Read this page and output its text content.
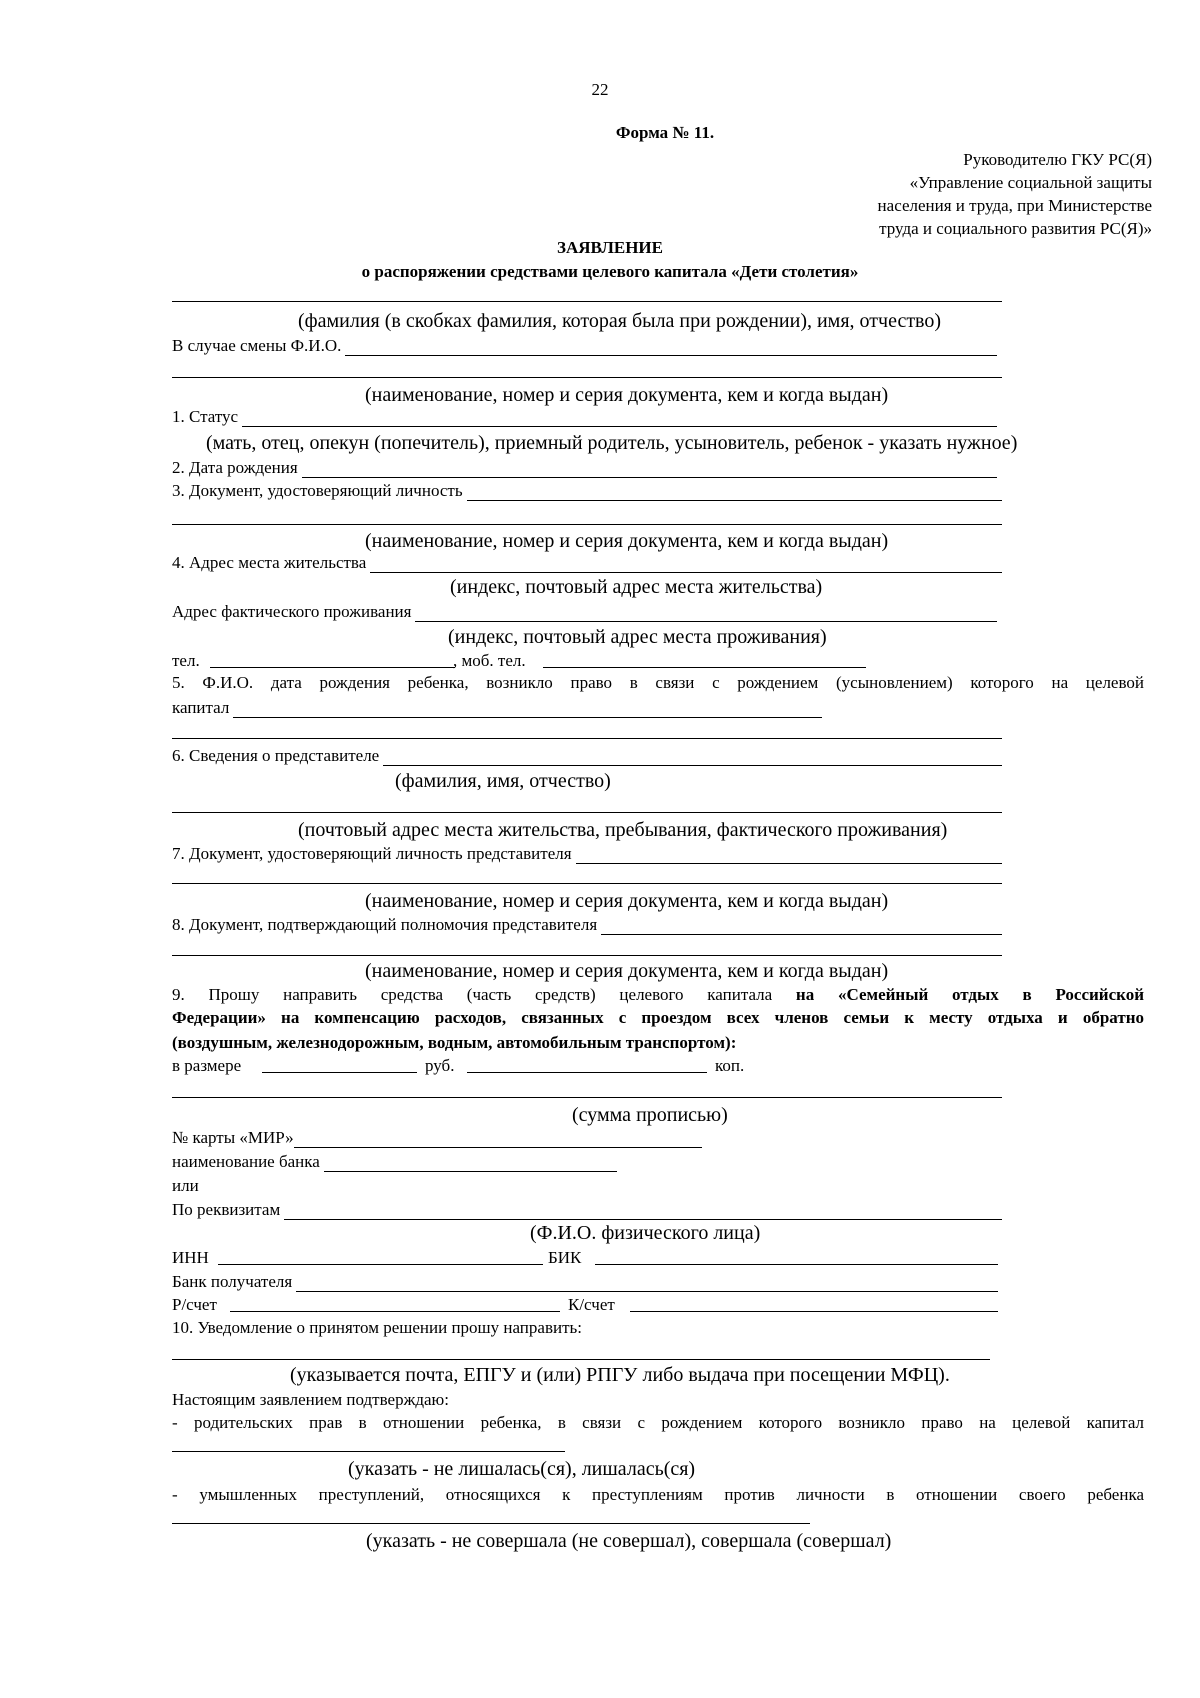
22
Форма № 11.
Руководителю ГКУ РС(Я)
«Управление социальной защиты
населения и труда, при Министерстве
труда и социального развития РС(Я)»
ЗАЯВЛЕНИЕ
о распоряжении средствами целевого капитала «Дети столетия»
(фамилия (в скобках фамилия, которая была при рождении), имя, отчество)
В случае смены Ф.И.О.
(наименование, номер и серия документа, кем и когда выдан)
1. Статус
(мать, отец, опекун (попечитель), приемный родитель, усыновитель, ребенок - указать нужное)
2. Дата рождения
3. Документ, удостоверяющий личность
(наименование, номер и серия документа, кем и когда выдан)
4. Адрес места жительства
(индекс, почтовый адрес места жительства)
Адрес фактического проживания
(индекс, почтовый адрес места проживания)
тел.	, моб. тел.
5. Ф.И.О. дата рождения ребенка, возникло право в связи с рождением (усыновлением) которого на целевой
капитал
6. Сведения о представителе
(фамилия, имя, отчество)
(почтовый адрес места жительства, пребывания, фактического проживания)
7. Документ, удостоверяющий личность представителя
(наименование, номер и серия документа, кем и когда выдан)
8. Документ, подтверждающий полномочия представителя
(наименование, номер и серия документа, кем и когда выдан)
9. Прошу направить средства (часть средств) целевого капитала на «Семейный отдых в Российской
Федерации» на компенсацию расходов, связанных с проездом всех членов семьи к месту отдыха и обратно
(воздушным, железнодорожным, водным, автомобильным транспортом):
в размере	руб.	коп.
(сумма прописью)
№ карты «МИР»
наименование банка
или
По реквизитам
(Ф.И.О. физического лица)
ИНН	БИК
Банк получателя
Р/счет	К/счет
10. Уведомление о принятом решении прошу направить:
(указывается почта, ЕПГУ и (или) РПГУ либо выдача при посещении МФЦ).
Настоящим заявлением подтверждаю:
- родительских прав в отношении ребенка, в связи с рождением которого возникло право на целевой капитал
(указать - не лишалась(ся), лишалась(ся)
- умышленных преступлений, относящихся к преступлениям против личности в отношении своего ребенка
(указать - не совершала (не совершал), совершала (совершал)
